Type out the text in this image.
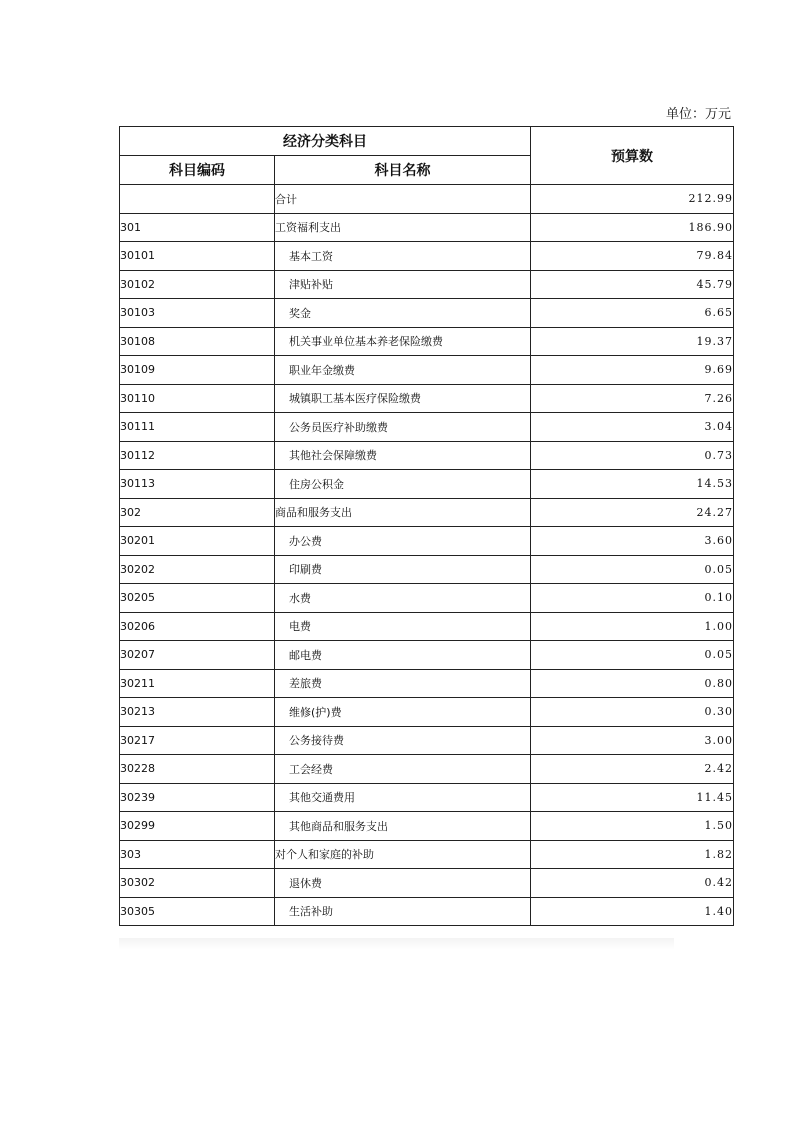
单位：万元
经济分类科目		预算数
科目编码	科目名称	
	合计	212.99
301	工资福利支出	186.90
30101	基本工资	79.84
30102	津贴补贴	45.79
30103	奖金	6.65
30108	机关事业单位基本养老保险缴费	19.37
30109	职业年金缴费	9.69
30110	城镇职工基本医疗保险缴费	7.26
30111	公务员医疗补助缴费	3.04
30112	其他社会保障缴费	0.73
30113	住房公积金	14.53
302	商品和服务支出	24.27
30201	办公费	3.60
30202	印刷费	0.05
30205	水费	0.10
30206	电费	1.00
30207	邮电费	0.05
30211	差旅费	0.80
30213	维修(护)费	0.30
30217	公务接待费	3.00
30228	工会经费	2.42
30239	其他交通费用	11.45
30299	其他商品和服务支出	1.50
303	对个人和家庭的补助	1.82
30302	退休费	0.42
30305	生活补助	1.40
